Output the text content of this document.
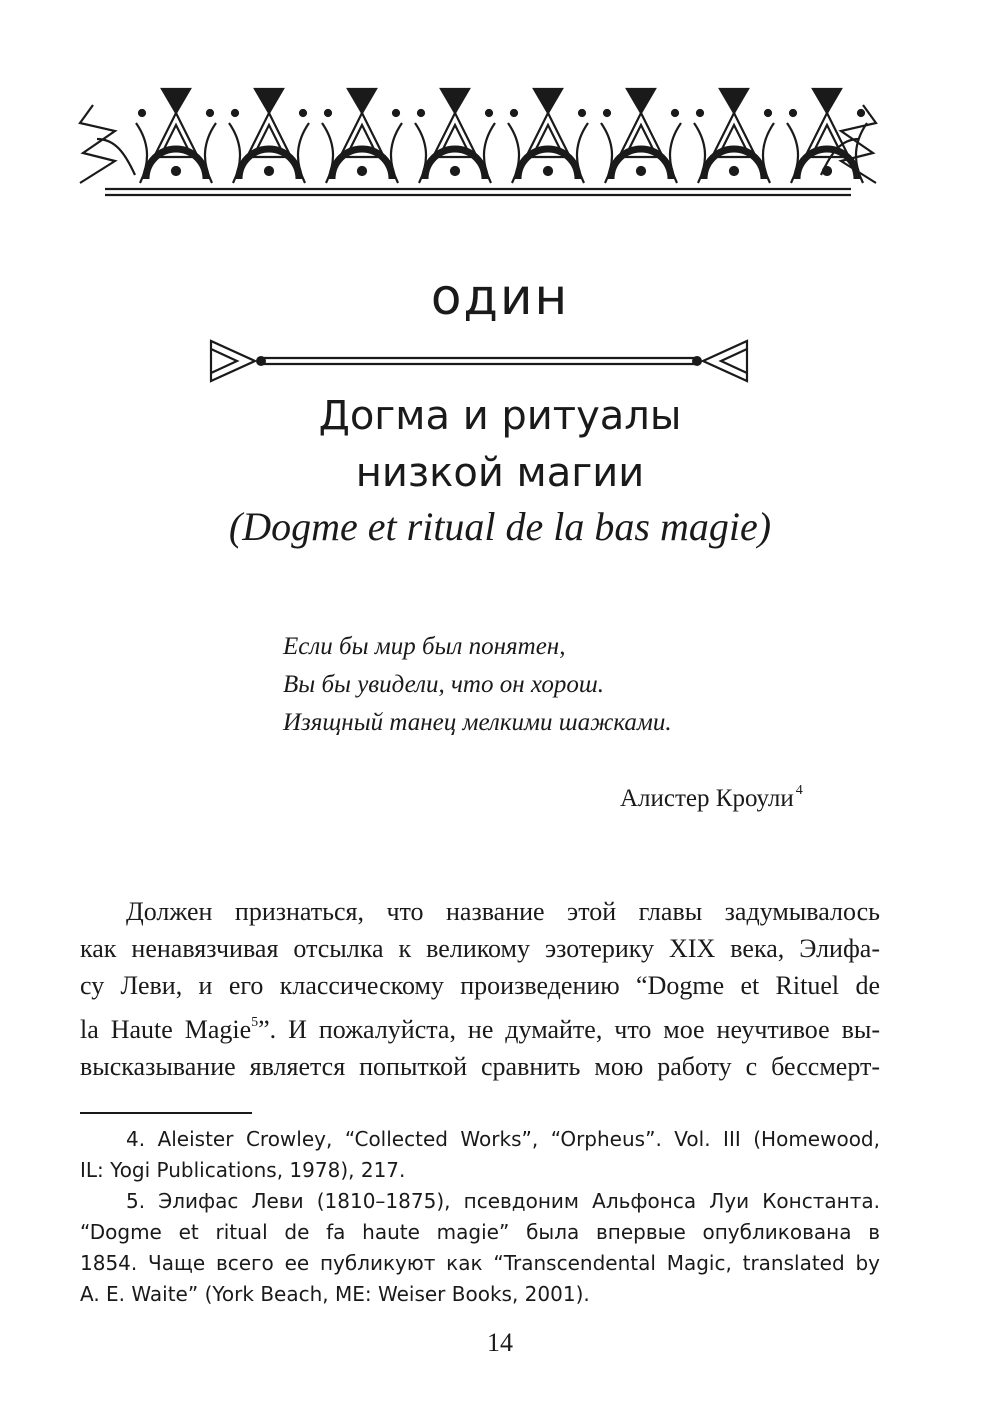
один
Догма и ритуалы
низкой магии
(Dogme et ritual de la bas magie)
Если бы мир был понятен,
Вы бы увидели, что он хорош.
Изящный танец мелкими шажками.
Алистер Кроули $^4$
Должен признаться, что название этой главы задумывалось
как ненавязчивая отсылка к великому эзотерику XIX века, Элифа-
су Леви, и его классическому произведению “Dogme et Rituel de
la Haute Magie$^5$”. И пожалуйста, не думайте, что мое неучтивое вы-
высказывание является попыткой сравнить мою работу с бессмерт-
4. Aleister Crowley, “Collected Works”, “Orpheus”. Vol. III (Homewood,
IL: Yogi Publications, 1978), 217.
5. Элифас Леви (1810–1875), псевдоним Альфонса Луи Константа.
“Dogme et ritual de fa haute magie” была впервые опубликована в
1854. Чаще всего ее публикуют как “Transcendental Magic, translated by
A. E. Waite” (York Beach, ME: Weiser Books, 2001).
14
